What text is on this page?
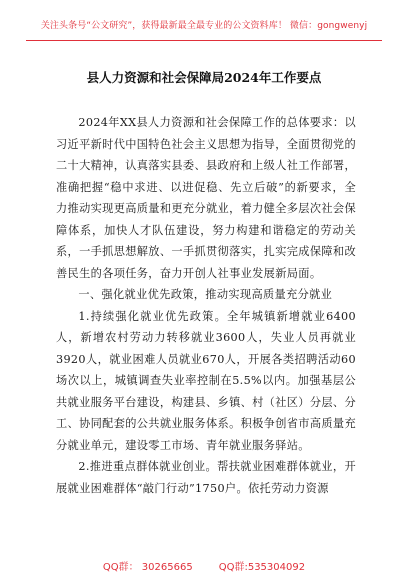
关注头条号“公文研究”，获得最新最全最专业的公文资料库！ 微信：gongwenyj
县人力资源和社会保障局2024年工作要点

2024年XX县人力资源和社会保障工作的总体要求：以习近平新时代中国特色社会主义思想为指导，全面贯彻党的二十大精神，认真落实县委、县政府和上级人社工作部署，准确把握“稳中求进、以进促稳、先立后破”的新要求，全力推动实现更高质量和更充分就业，着力健全多层次社会保障体系，加快人才队伍建设，努力构建和谐稳定的劳动关系，一手抓思想解放、一手抓贯彻落实，扎实完成保障和改善民生的各项任务，奋力开创人社事业发展新局面。

一、强化就业优先政策，推动实现高质量充分就业

1.持续强化就业优先政策。全年城镇新增就业6400人，新增农村劳动力转移就业3600人，失业人员再就业3920人，就业困难人员就业670人，开展各类招聘活动60场次以上，城镇调查失业率控制在5.5%以内。加强基层公共就业服务平台建设，构建县、乡镇、村（社区）分层、分工、协同配套的公共就业服务体系。积极争创省市高质量充分就业单元，建设零工市场、青年就业服务驿站。

2.推进重点群体就业创业。帮扶就业困难群体就业，开展就业困难群体“敲门行动”1750户。依托劳动力资源

QQ群： 30265665	QQ群:535304092
